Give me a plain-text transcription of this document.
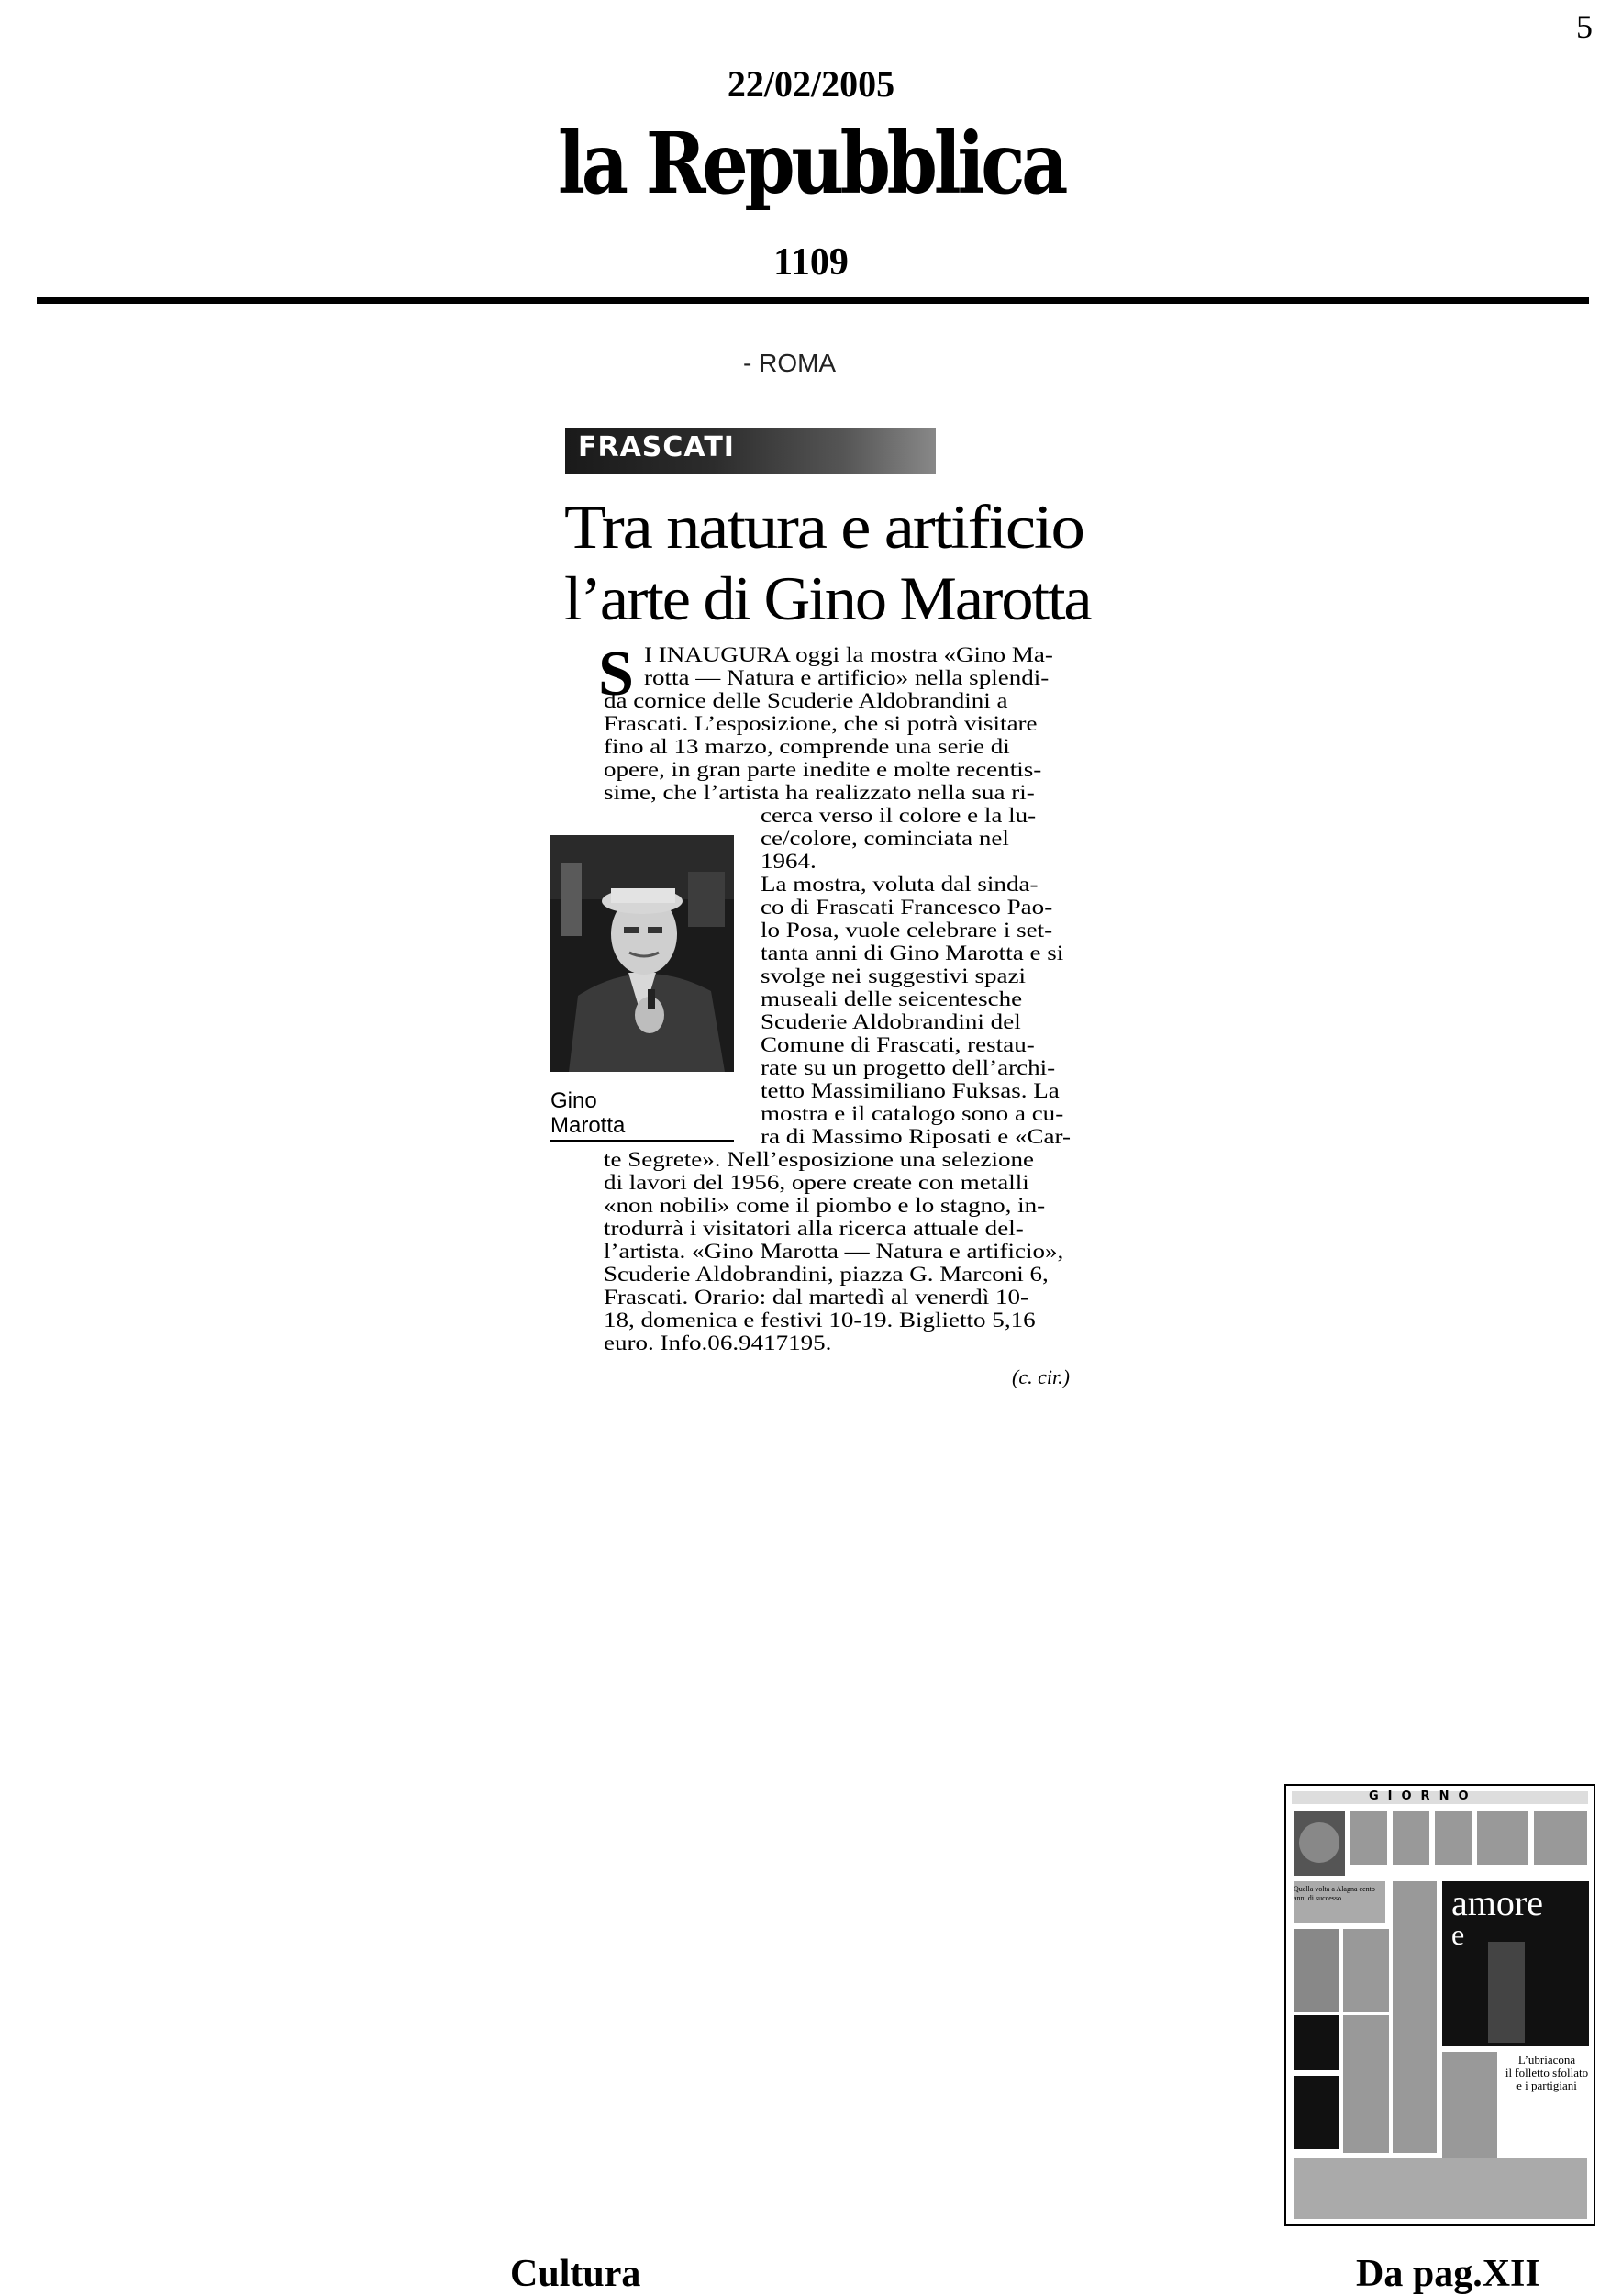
5
22/02/2005
la Repubblica
1109
- ROMA
FRASCATI
Tra natura e artificio
l’arte di Gino Marotta
S I INAUGURA oggi la mostra «Gino Ma-
rotta — Natura e artificio» nella splendi-
da cornice delle Scuderie Aldobrandini a
Frascati. L’esposizione, che si potrà visitare
fino al 13 marzo, comprende una serie di
opere, in gran parte inedite e molte recentis-
sime, che l’artista ha realizzato nella sua ri-
cerca verso il colore e la lu-
ce/colore, cominciata nel
1964.
La mostra, voluta dal sinda-
co di Frascati Francesco Pao-
lo Posa, vuole celebrare i set-
tanta anni di Gino Marotta e si
svolge nei suggestivi spazi
museali delle seicentesche
Scuderie Aldobrandini del
Comune di Frascati, restau-
rate su un progetto dell’archi-
tetto Massimiliano Fuksas. La
mostra e il catalogo sono a cu-
ra di Massimo Riposati e «Car-
te Segrete». Nell’esposizione una selezione
di lavori del 1956, opere create con metalli
«non nobili» come il piombo e lo stagno, in-
trodurrà i visitatori alla ricerca attuale del-
l’artista. «Gino Marotta — Natura e artificio»,
Scuderie Aldobrandini, piazza G. Marconi 6,
Frascati. Orario: dal martedì al venerdì 10-
18, domenica e festivi 10-19. Biglietto 5,16
euro. Info.06.9417195.
Gino
Marotta
(c. cir.)
GIORNO
Quella volta a Alagna cento anni di successo	amore
e
L’ubriacona
il folletto sfollato
e i partigiani
Cultura	Da pag.XII
